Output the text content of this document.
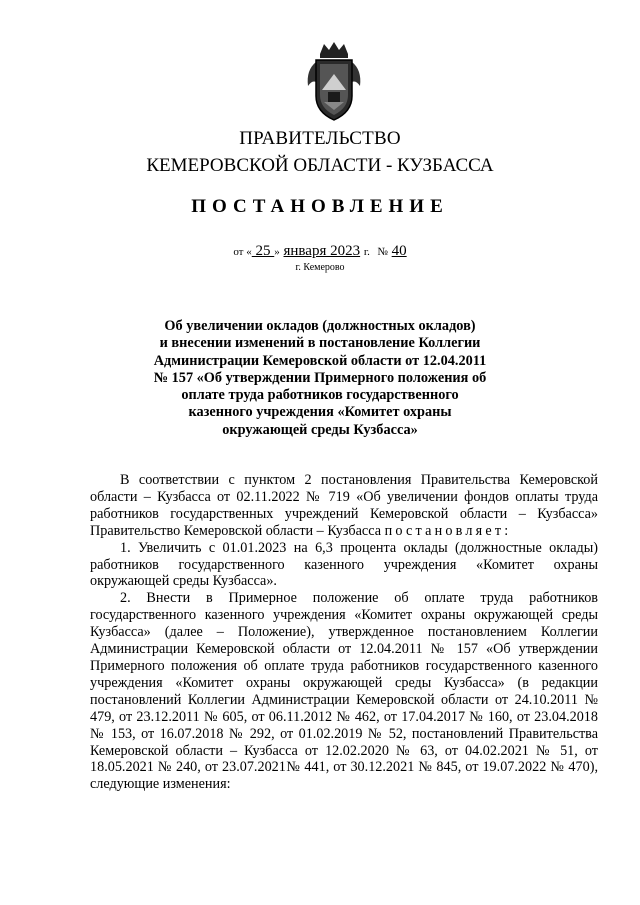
ПРАВИТЕЛЬСТВО
КЕМЕРОВСКОЙ ОБЛАСТИ - КУЗБАССА
ПОСТАНОВЛЕНИЕ
от « 25 » января 2023 г. № 40
г. Кемерово
Об увеличении окладов (должностных окладов)
и внесении изменений в постановление Коллегии
Администрации Кемеровской области от 12.04.2011
№ 157 «Об утверждении Примерного положения об
оплате труда работников государственного
казенного учреждения «Комитет охраны
окружающей среды Кузбасса»

В соответствии с пунктом 2 постановления Правительства Кемеровской области – Кузбасса от 02.11.2022 № 719 «Об увеличении фондов оплаты труда работников государственных учреждений Кемеровской области – Кузбасса» Правительство Кемеровской области – Кузбасса постановляет:

1. Увеличить с 01.01.2023 на 6,3 процента оклады (должностные оклады) работников государственного казенного учреждения «Комитет охраны окружающей среды Кузбасса».

2. Внести в Примерное положение об оплате труда работников государственного казенного учреждения «Комитет охраны окружающей среды Кузбасса» (далее – Положение), утвержденное постановлением Коллегии Администрации Кемеровской области от 12.04.2011 № 157 «Об утверждении Примерного положения об оплате труда работников государственного казенного учреждения «Комитет охраны окружающей среды Кузбасса» (в редакции постановлений Коллегии Администрации Кемеровской области от 24.10.2011 № 479, от 23.12.2011 № 605, от 06.11.2012 № 462, от 17.04.2017 № 160, от 23.04.2018 № 153, от 16.07.2018 № 292, от 01.02.2019 № 52, постановлений Правительства Кемеровской области – Кузбасса от 12.02.2020 № 63, от 04.02.2021 № 51, от 18.05.2021 № 240, от 23.07.2021№ 441, от 30.12.2021 № 845, от 19.07.2022 № 470), следующие изменения:
